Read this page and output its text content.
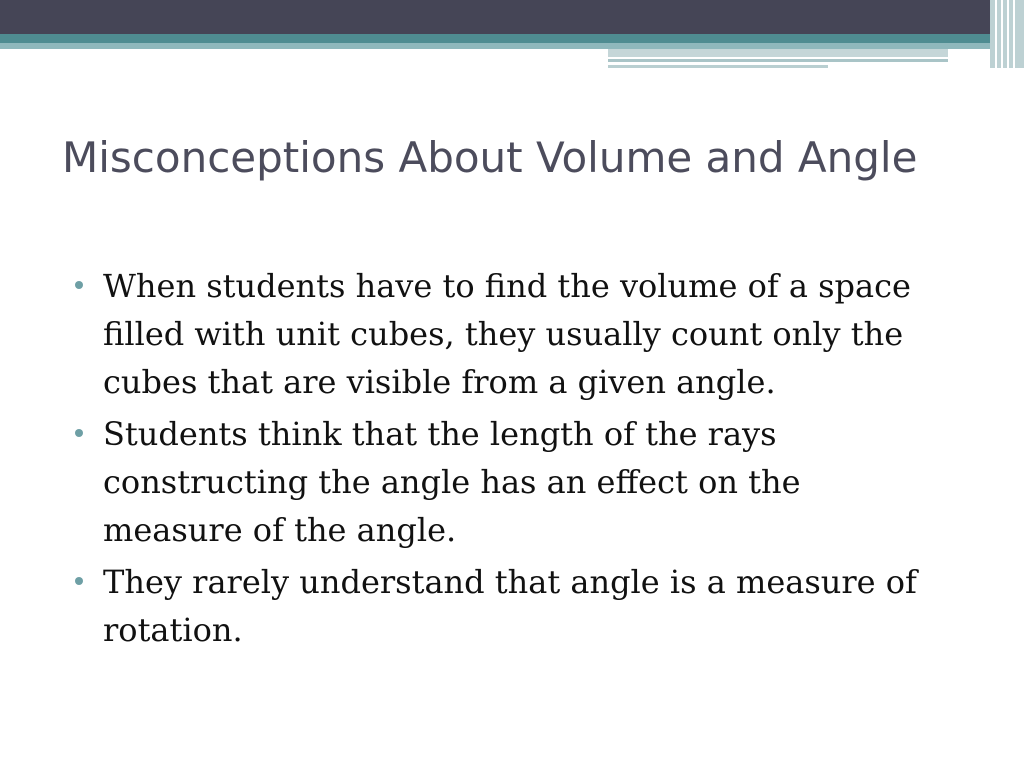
Misconceptions About Volume and Angle
When students have to find the volume of a space filled with unit cubes, they usually count only the cubes that are visible from a given angle.
Students think that the length of the rays constructing the angle has an effect on the measure of the angle.
They rarely understand that angle is a measure of rotation.
